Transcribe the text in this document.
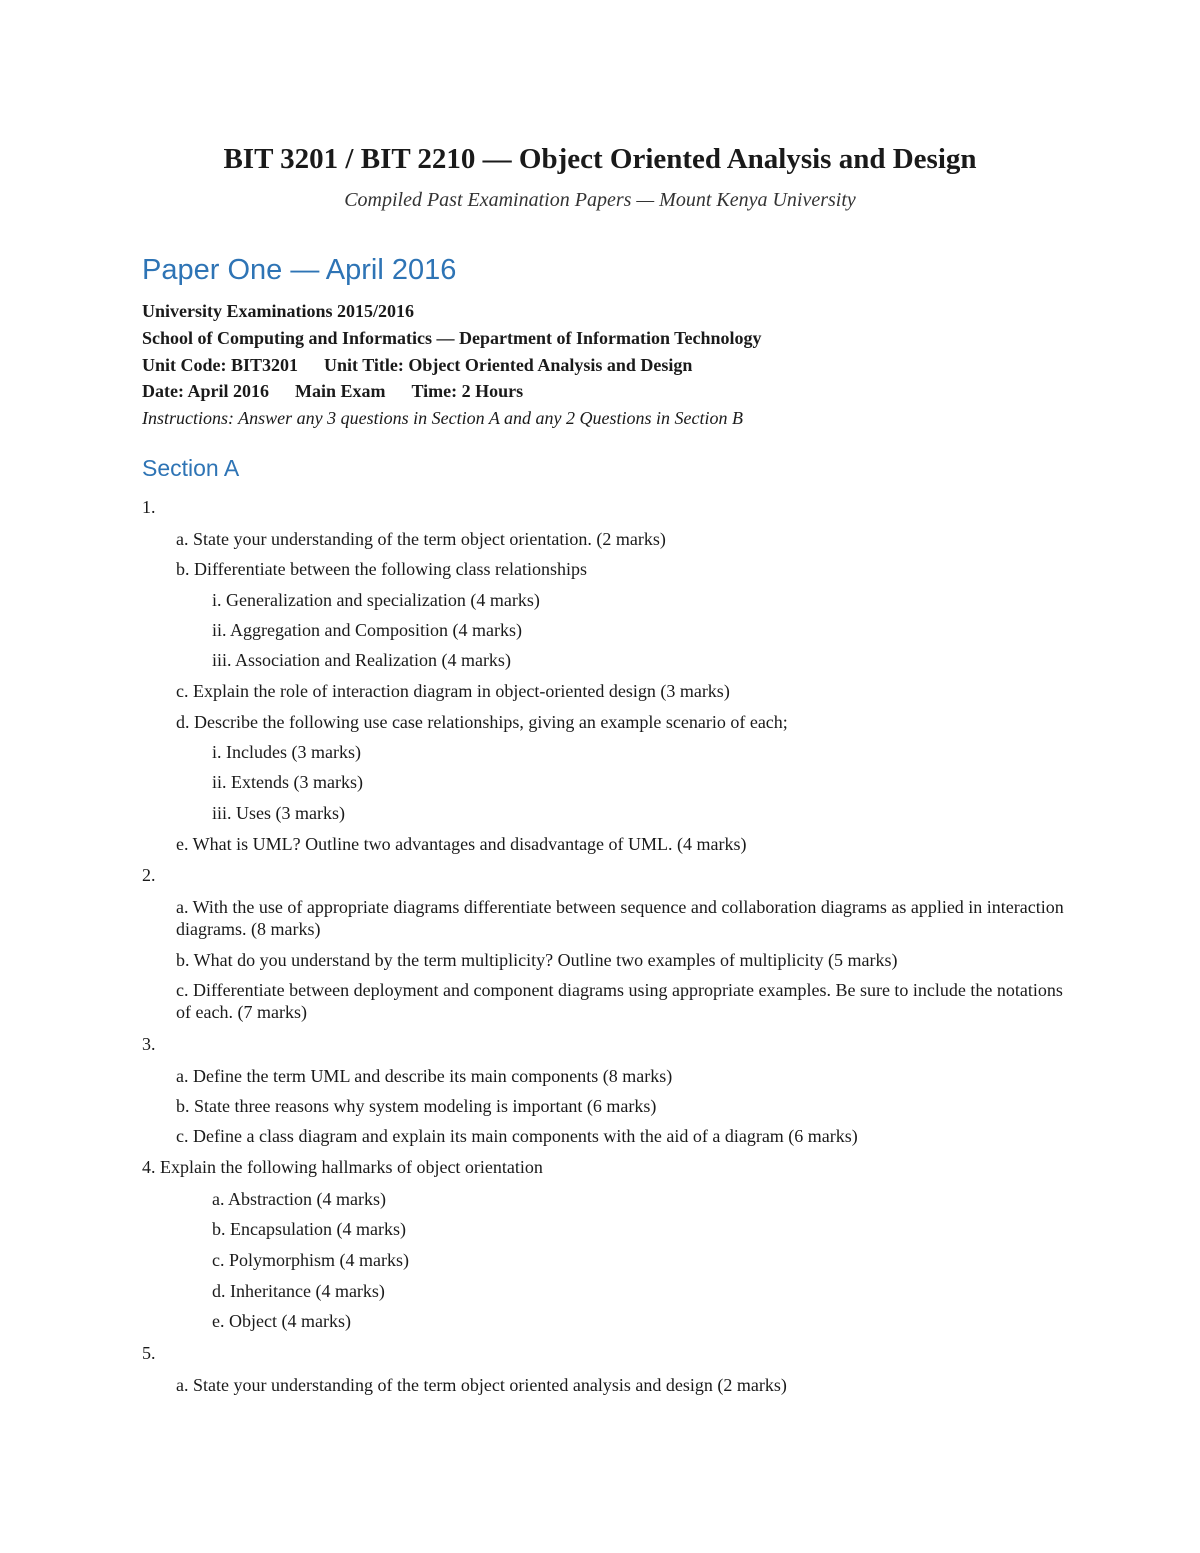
BIT 3201 / BIT 2210 — Object Oriented Analysis and Design
Compiled Past Examination Papers — Mount Kenya University
Paper One — April 2016
University Examinations 2015/2016
School of Computing and Informatics — Department of Information Technology
Unit Code: BIT3201 Unit Title: Object Oriented Analysis and Design
Date: April 2016 Main Exam Time: 2 Hours
Instructions: Answer any 3 questions in Section A and any 2 Questions in Section B
Section A
1.
a. State your understanding of the term object orientation. (2 marks)
b. Differentiate between the following class relationships
i. Generalization and specialization (4 marks)
ii. Aggregation and Composition (4 marks)
iii. Association and Realization (4 marks)
c. Explain the role of interaction diagram in object-oriented design (3 marks)
d. Describe the following use case relationships, giving an example scenario of each;
i. Includes (3 marks)
ii. Extends (3 marks)
iii. Uses (3 marks)
e. What is UML? Outline two advantages and disadvantage of UML. (4 marks)
2.
a. With the use of appropriate diagrams differentiate between sequence and collaboration diagrams as applied in interaction diagrams. (8 marks)
b. What do you understand by the term multiplicity? Outline two examples of multiplicity (5 marks)
c. Differentiate between deployment and component diagrams using appropriate examples. Be sure to include the notations of each. (7 marks)
3.
a. Define the term UML and describe its main components (8 marks)
b. State three reasons why system modeling is important (6 marks)
c. Define a class diagram and explain its main components with the aid of a diagram (6 marks)
4. Explain the following hallmarks of object orientation
a. Abstraction (4 marks)
b. Encapsulation (4 marks)
c. Polymorphism (4 marks)
d. Inheritance (4 marks)
e. Object (4 marks)
5.
a. State your understanding of the term object oriented analysis and design (2 marks)
